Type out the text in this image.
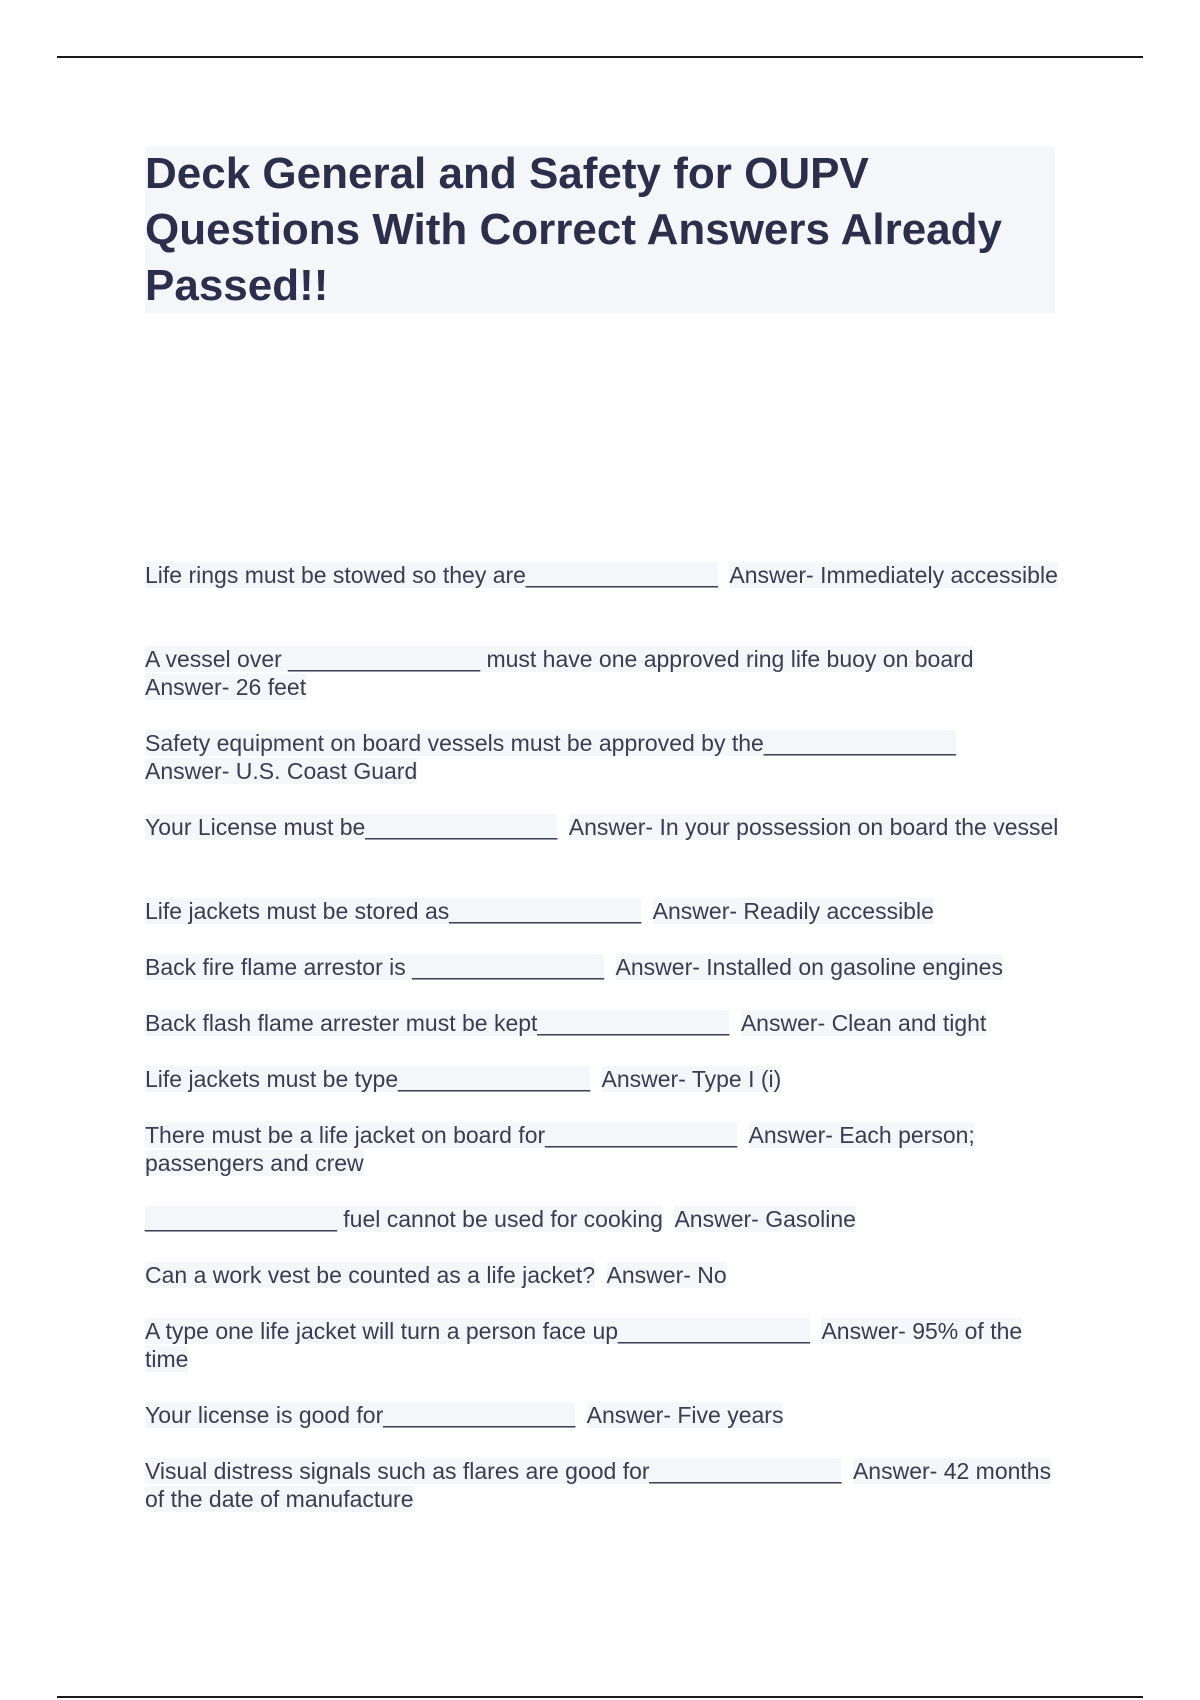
Deck General and Safety for OUPV Questions With Correct Answers Already Passed!!
Life rings must be stowed so they are_______________ Answer- Immediately accessible
A vessel over _______________ must have one approved ring life buoy on board
Answer- 26 feet
Safety equipment on board vessels must be approved by the_______________
Answer- U.S. Coast Guard
Your License must be_______________ Answer- In your possession on board the vessel
Life jackets must be stored as_______________ Answer- Readily accessible
Back fire flame arrestor is _______________ Answer- Installed on gasoline engines
Back flash flame arrester must be kept_______________ Answer- Clean and tight
Life jackets must be type_______________ Answer- Type I (i)
There must be a life jacket on board for_______________ Answer- Each person; passengers and crew
_______________ fuel cannot be used for cooking Answer- Gasoline
Can a work vest be counted as a life jacket? Answer- No
A type one life jacket will turn a person face up_______________ Answer- 95% of the time
Your license is good for_______________ Answer- Five years
Visual distress signals such as flares are good for_______________ Answer- 42 months of the date of manufacture
